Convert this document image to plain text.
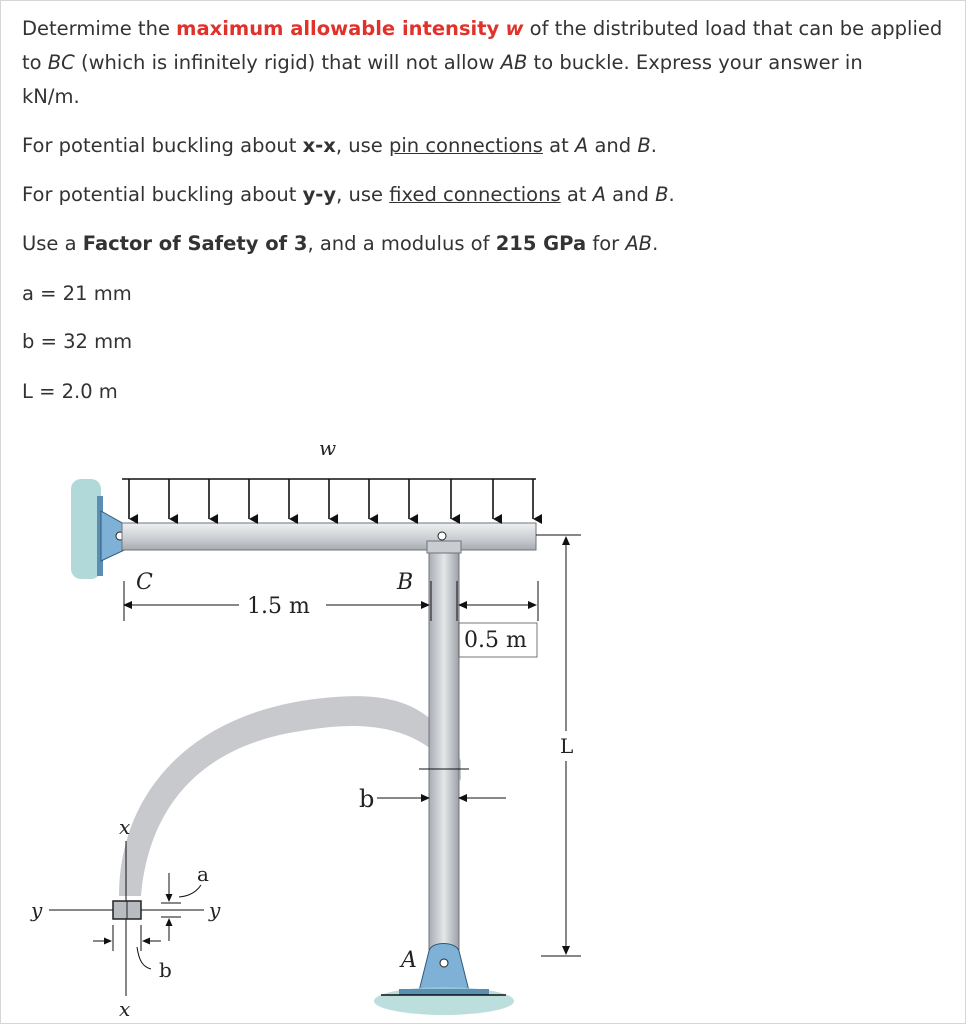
Determime the maximum allowable intensity w of the distributed load that can be applied
to BC (which is infinitely rigid) that will not allow AB to buckle. Express your answer in
kN/m.
For potential buckling about x-x, use pin connections at A and B.
For potential buckling about y-y, use fixed connections at A and B.
Use a Factor of Safety of 3, and a modulus of 215 GPa for AB.
a = 21 mm
b = 32 mm
L = 2.0 m
w
C	B
A
1.5 m
0.5 m
b
L
x
x
y	y
a
b
